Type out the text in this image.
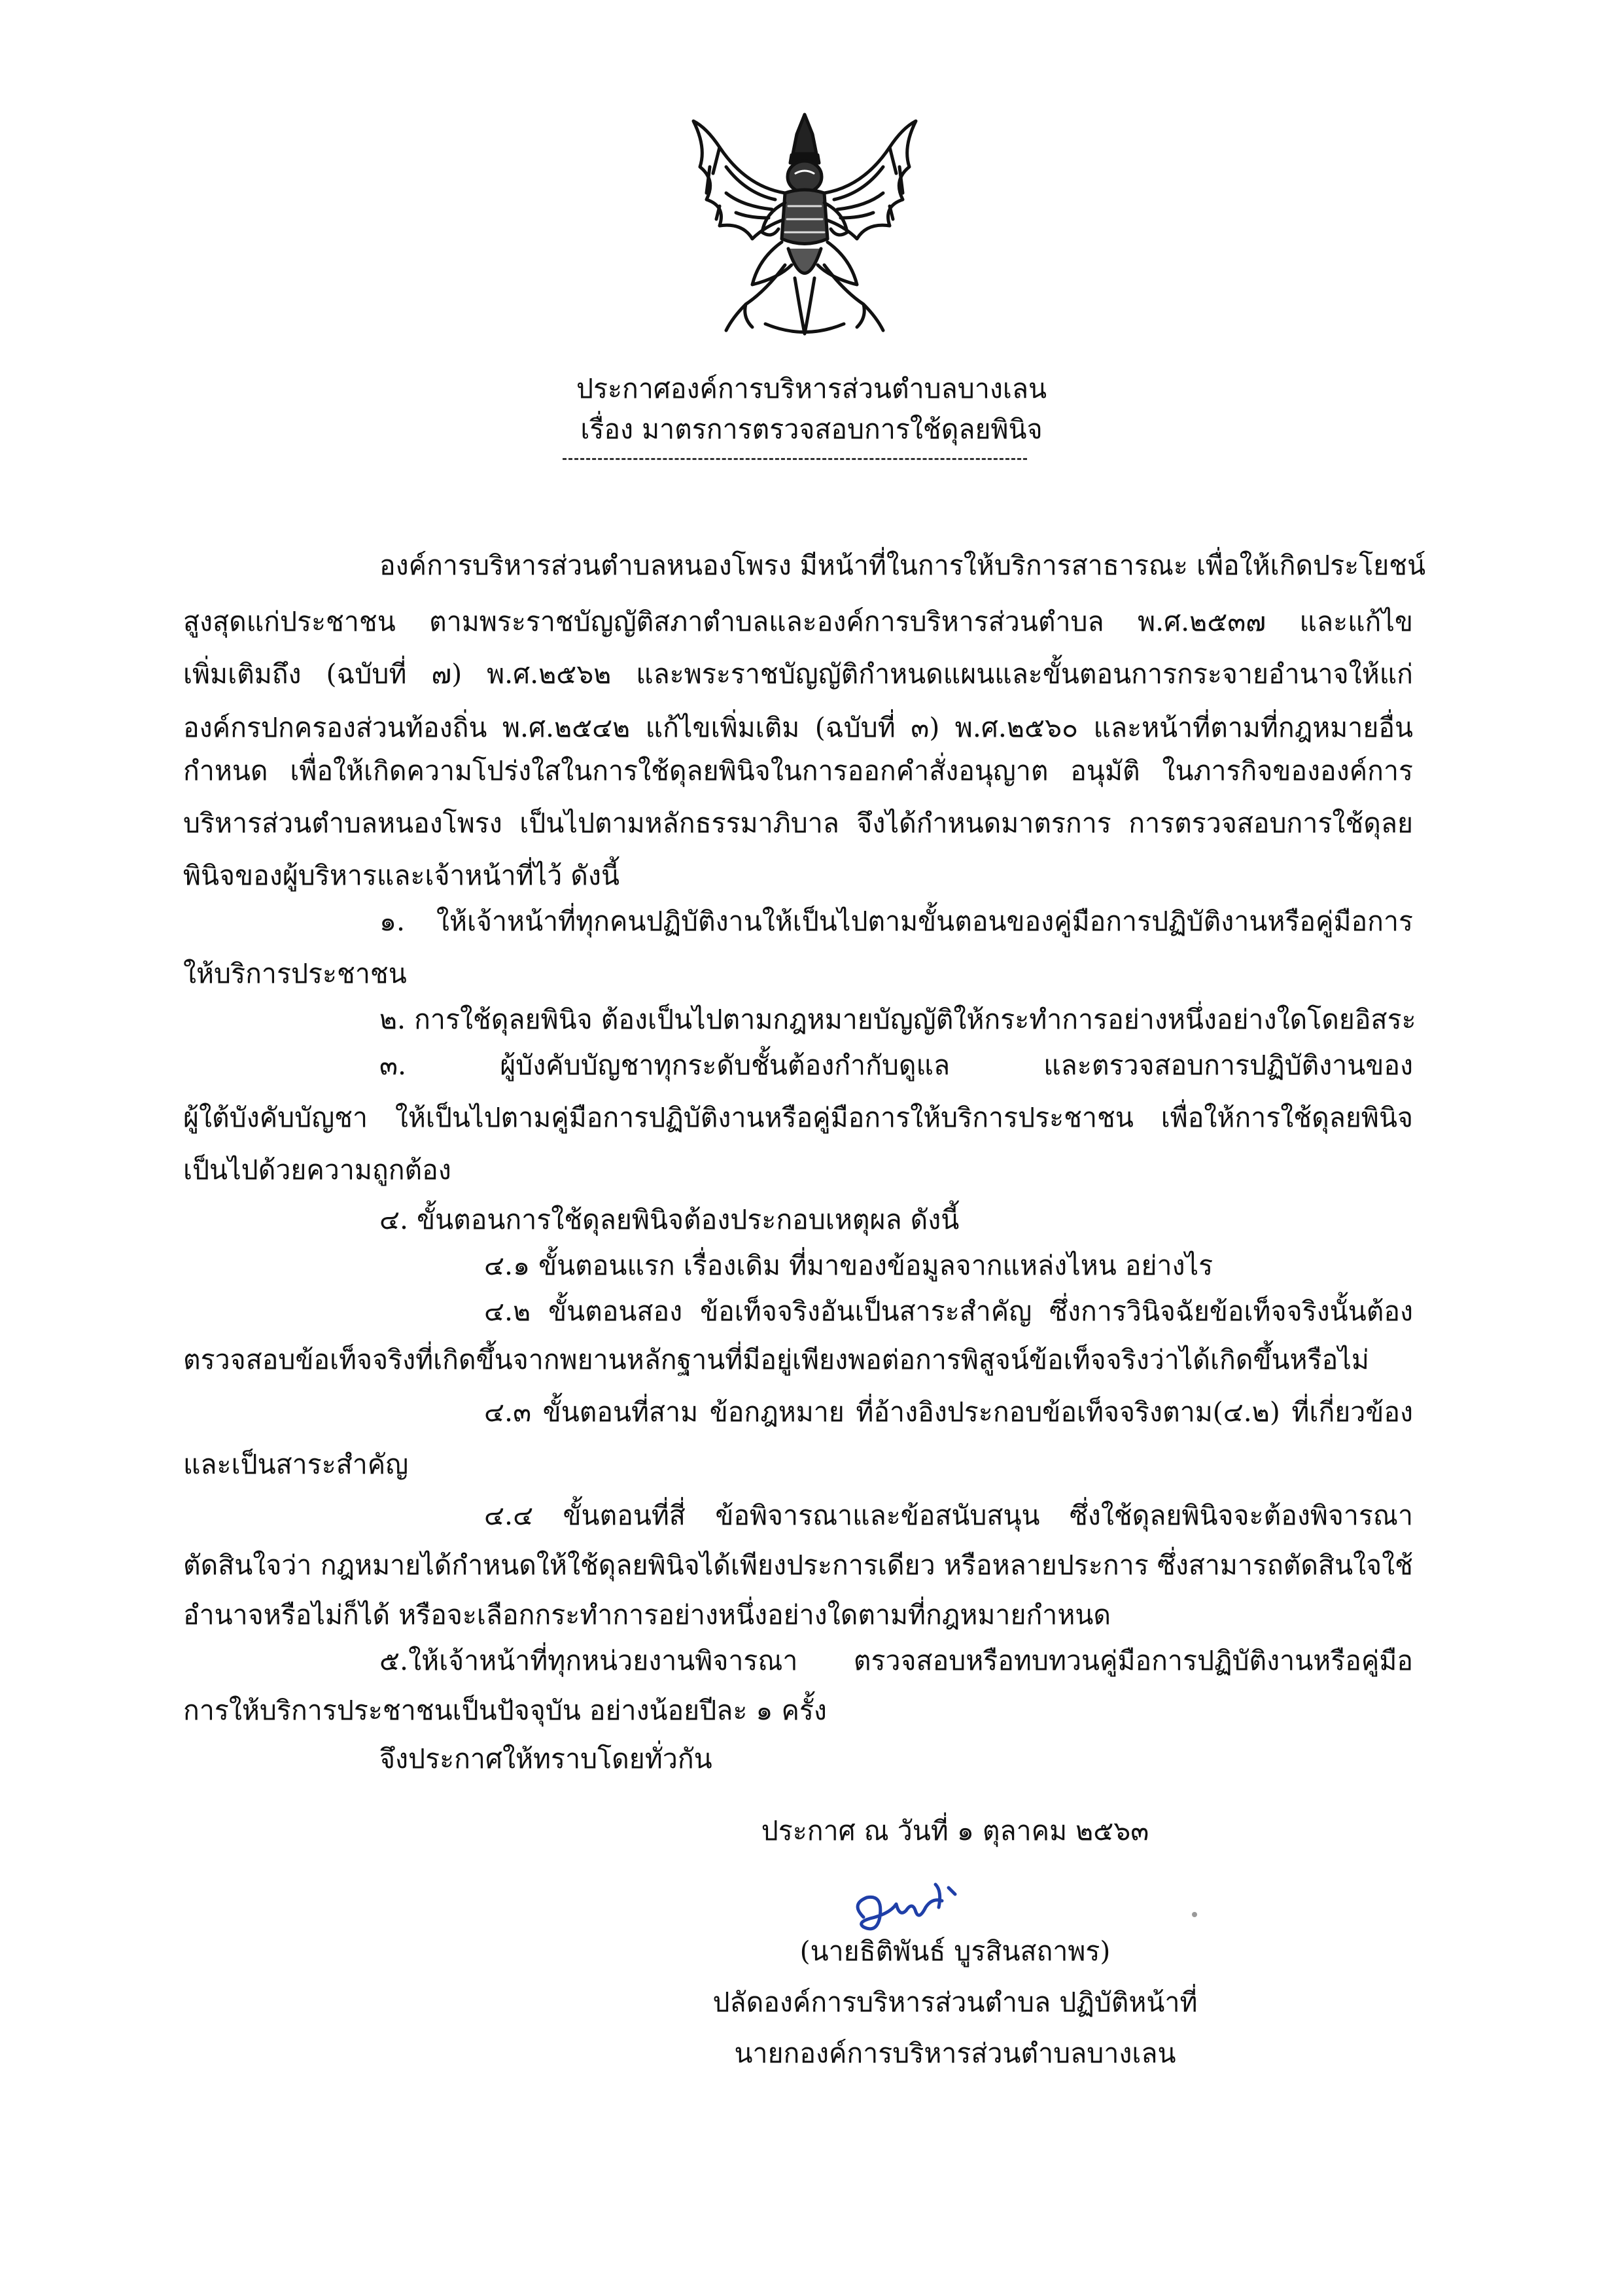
ประกาศองค์การบริหารส่วนตำบลบางเลน
เรื่อง มาตรการตรวจสอบการใช้ดุลยพินิจ
องค์การบริหารส่วนตำบลหนองโพรง มีหน้าที่ในการให้บริการสาธารณะ เพื่อให้เกิดประโยชน์
สูงสุดแก่ประชาชน ตามพระราชบัญญัติสภาตำบลและองค์การบริหารส่วนตำบล พ.ศ.๒๕๓๗ และแก้ไข
เพิ่มเติมถึง (ฉบับที่ ๗) พ.ศ.๒๕๖๒ และพระราชบัญญัติกำหนดแผนและขั้นตอนการกระจายอำนาจให้แก่
องค์กรปกครองส่วนท้องถิ่น พ.ศ.๒๕๔๒ แก้ไขเพิ่มเติม (ฉบับที่ ๓) พ.ศ.๒๕๖๐ และหน้าที่ตามที่กฎหมายอื่น
กำหนด เพื่อให้เกิดความโปร่งใสในการใช้ดุลยพินิจในการออกคำสั่งอนุญาต อนุมัติ ในภารกิจขององค์การ
บริหารส่วนตำบลหนองโพรง เป็นไปตามหลักธรรมาภิบาล จึงได้กำหนดมาตรการ การตรวจสอบการใช้ดุลย
พินิจของผู้บริหารและเจ้าหน้าที่ไว้ ดังนี้
๑. ให้เจ้าหน้าที่ทุกคนปฏิบัติงานให้เป็นไปตามขั้นตอนของคู่มือการปฏิบัติงานหรือคู่มือการ
ให้บริการประชาชน
๒. การใช้ดุลยพินิจ ต้องเป็นไปตามกฎหมายบัญญัติให้กระทำการอย่างหนึ่งอย่างใดโดยอิสระ
๓. ผู้บังคับบัญชาทุกระดับชั้นต้องกำกับดูแล และตรวจสอบการปฏิบัติงานของ
ผู้ใต้บังคับบัญชา ให้เป็นไปตามคู่มือการปฏิบัติงานหรือคู่มือการให้บริการประชาชน เพื่อให้การใช้ดุลยพินิจ
เป็นไปด้วยความถูกต้อง
๔. ขั้นตอนการใช้ดุลยพินิจต้องประกอบเหตุผล ดังนี้
๔.๑ ขั้นตอนแรก เรื่องเดิม ที่มาของข้อมูลจากแหล่งไหน อย่างไร
๔.๒ ขั้นตอนสอง ข้อเท็จจริงอันเป็นสาระสำคัญ ซึ่งการวินิจฉัยข้อเท็จจริงนั้นต้อง
ตรวจสอบข้อเท็จจริงที่เกิดขึ้นจากพยานหลักฐานที่มีอยู่เพียงพอต่อการพิสูจน์ข้อเท็จจริงว่าได้เกิดขึ้นหรือไม่
๔.๓ ขั้นตอนที่สาม ข้อกฎหมาย ที่อ้างอิงประกอบข้อเท็จจริงตาม(๔.๒) ที่เกี่ยวข้อง
และเป็นสาระสำคัญ
๔.๔ ขั้นตอนที่สี่ ข้อพิจารณาและข้อสนับสนุน ซึ่งใช้ดุลยพินิจจะต้องพิจารณา
ตัดสินใจว่า กฎหมายได้กำหนดให้ใช้ดุลยพินิจได้เพียงประการเดียว หรือหลายประการ ซึ่งสามารถตัดสินใจใช้
อำนาจหรือไม่ก็ได้ หรือจะเลือกกระทำการอย่างหนึ่งอย่างใดตามที่กฎหมายกำหนด
๕.ให้เจ้าหน้าที่ทุกหน่วยงานพิจารณา ตรวจสอบหรือทบทวนคู่มือการปฏิบัติงานหรือคู่มือ
การให้บริการประชาชนเป็นปัจจุบัน อย่างน้อยปีละ ๑ ครั้ง
จึงประกาศให้ทราบโดยทั่วกัน
ประกาศ ณ วันที่ ๑ ตุลาคม ๒๕๖๓
(นายธิติพันธ์ บูรสินสถาพร)
ปลัดองค์การบริหารส่วนตำบล ปฏิบัติหน้าที่
นายกองค์การบริหารส่วนตำบลบางเลน
